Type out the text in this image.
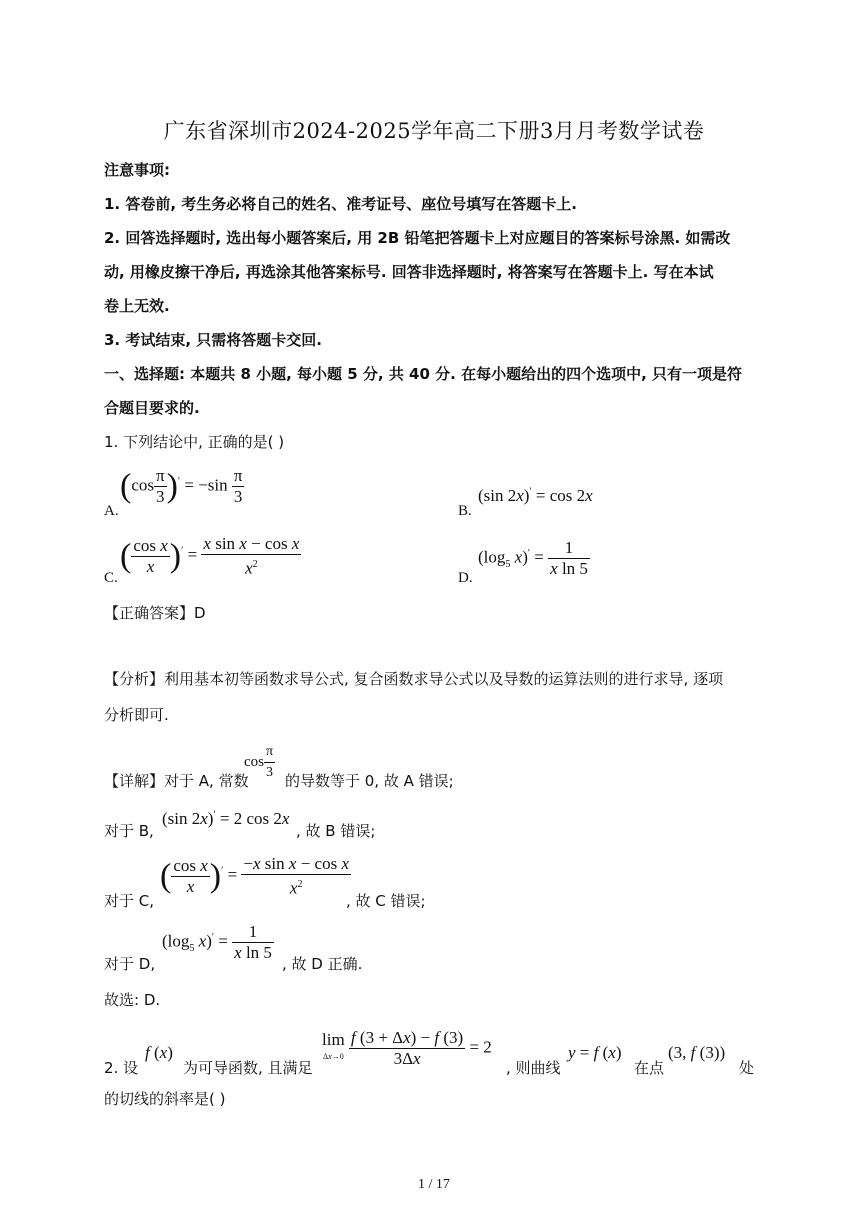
广东省深圳市2024-2025学年高二下册3月月考数学试卷
注意事项:
1. 答卷前, 考生务必将自己的姓名、准考证号、座位号填写在答题卡上.
2. 回答选择题时, 选出每小题答案后, 用 2B 铅笔把答题卡上对应题目的答案标号涂黑. 如需改
动, 用橡皮擦干净后, 再选涂其他答案标号. 回答非选择题时, 将答案写在答题卡上. 写在本试
卷上无效.
3. 考试结束, 只需将答题卡交回.
一、选择题: 本题共 8 小题, 每小题 5 分, 共 40 分. 在每小题给出的四个选项中, 只有一项是符
合题目要求的.
1. 下列结论中, 正确的是( )
A.
$(\cos \frac{\pi}{3} )' = -\sin \frac{\pi}{3}$
B.
(sin 2x)′ = cos 2x
C.
( $\frac{\text{cos x}}{x} )' = \frac{\text{x sin x − cos x}}{x^2}$	D.
($\log_5$ $x)' = \frac{1}{\text{x ln 5}}$
【正确答案】D
【分析】利用基本初等函数求导公式, 复合函数求导公式以及导数的运算法则的进行求导, 逐项
分析即可.
【详解】对于 A, 常数
$\cos \frac{\pi}{3}$ 的导数等于 0, 故 A 错误;
对于 B,
(sin 2x)′ = 2 cos 2x
, 故 B 错误;
对于 C,
( $\frac{\text{cos x}}{x} )' = \frac{\text{−x sin x − cos x}}{x^2}$
, 故 C 错误;
对于 D,
($\log_5$ $x)' = \frac{1}{\text{x ln 5}}$
, 故 D 正确.
故选: D.
2. 设
f (x)
为可导函数, 且满足
lim
$\Delta x\to 0 \frac{f (3 + \Delta x) - f (3)}{3\Delta x} = 2$
, 则曲线
y = f (x)
在点
(3, f (3))
处
的切线的斜率是( )
1 / 17
